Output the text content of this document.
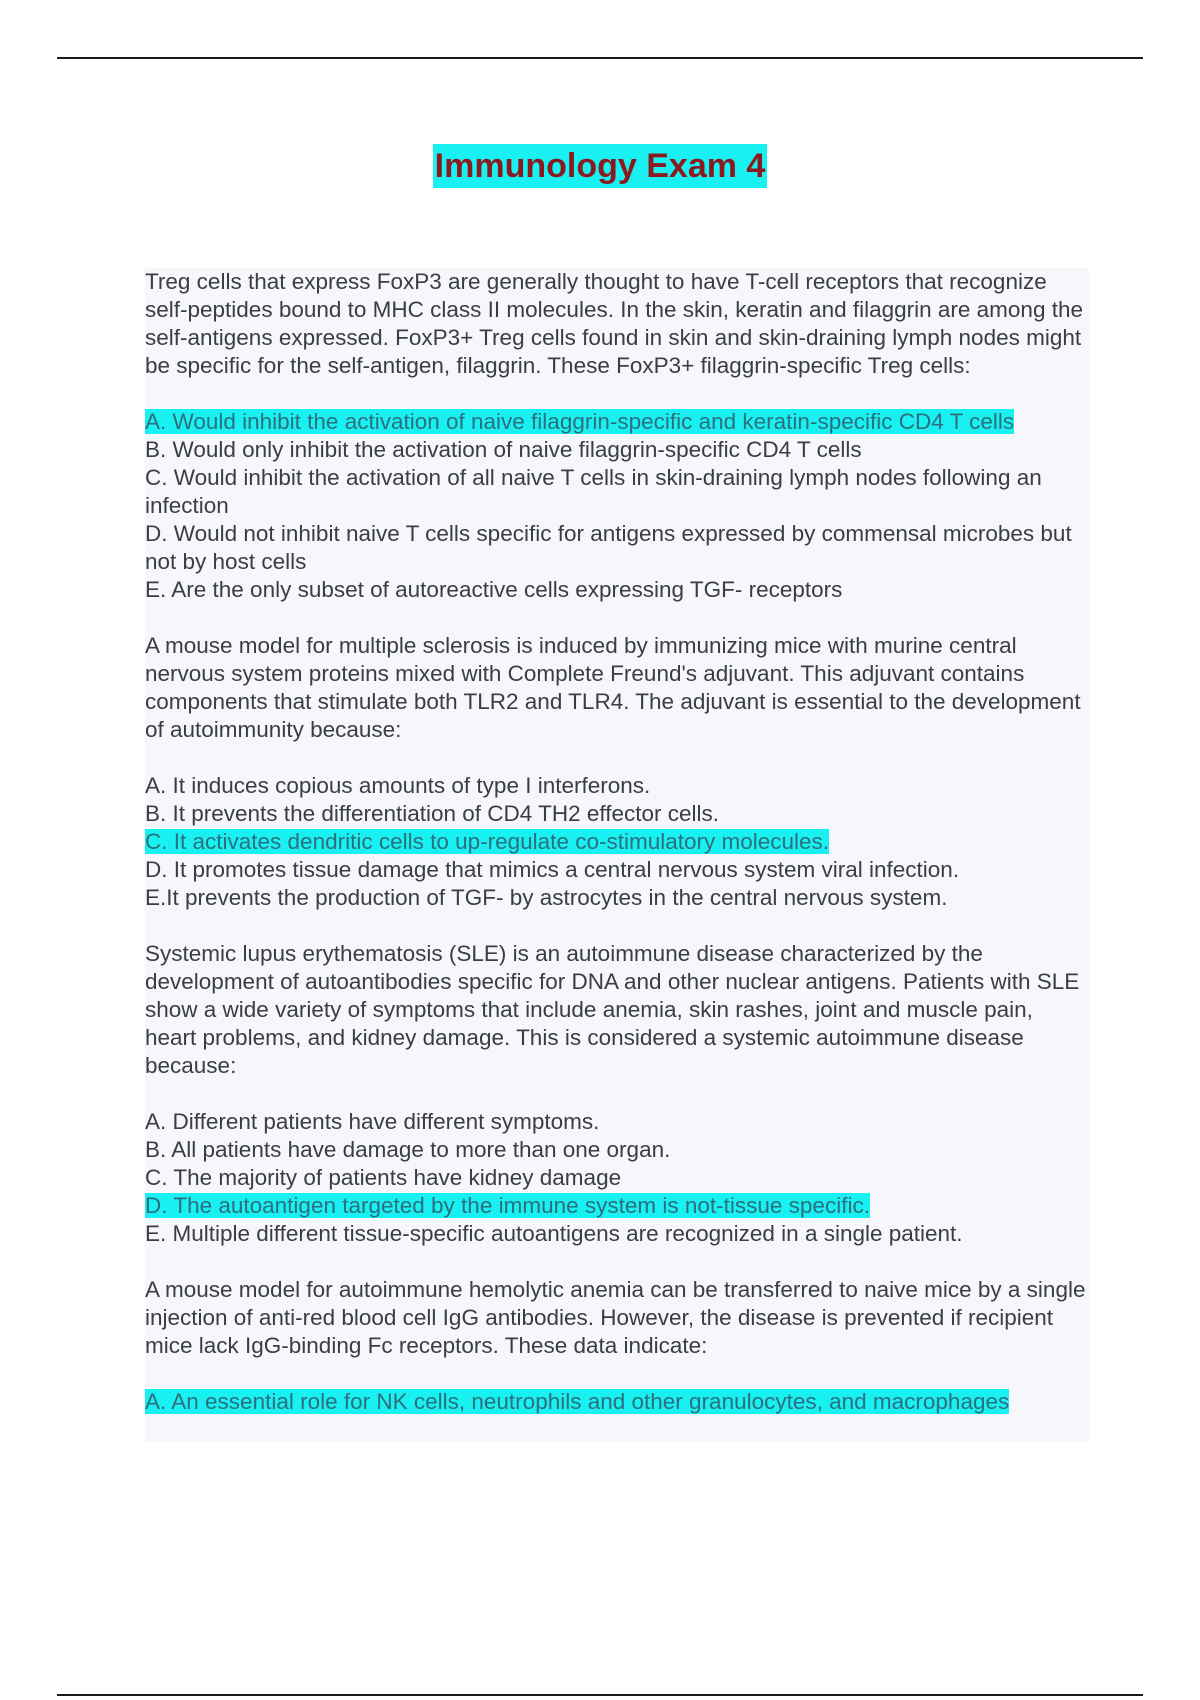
Immunology Exam 4
Treg cells that express FoxP3 are generally thought to have T-cell receptors that recognize self-peptides bound to MHC class II molecules. In the skin, keratin and filaggrin are among the self-antigens expressed. FoxP3+ Treg cells found in skin and skin-draining lymph nodes might be specific for the self-antigen, filaggrin. These FoxP3+ filaggrin-specific Treg cells:
A. Would inhibit the activation of naive filaggrin-specific and keratin-specific CD4 T cells
B. Would only inhibit the activation of naive filaggrin-specific CD4 T cells
C. Would inhibit the activation of all naive T cells in skin-draining lymph nodes following an infection
D. Would not inhibit naive T cells specific for antigens expressed by commensal microbes but not by host cells
E. Are the only subset of autoreactive cells expressing TGF- receptors
A mouse model for multiple sclerosis is induced by immunizing mice with murine central nervous system proteins mixed with Complete Freund's adjuvant. This adjuvant contains components that stimulate both TLR2 and TLR4. The adjuvant is essential to the development of autoimmunity because:
A. It induces copious amounts of type I interferons.
B. It prevents the differentiation of CD4 TH2 effector cells.
C. It activates dendritic cells to up-regulate co-stimulatory molecules.
D. It promotes tissue damage that mimics a central nervous system viral infection.
E.It prevents the production of TGF- by astrocytes in the central nervous system.
Systemic lupus erythematosis (SLE) is an autoimmune disease characterized by the development of autoantibodies specific for DNA and other nuclear antigens. Patients with SLE show a wide variety of symptoms that include anemia, skin rashes, joint and muscle pain, heart problems, and kidney damage. This is considered a systemic autoimmune disease because:
A. Different patients have different symptoms.
B. All patients have damage to more than one organ.
C. The majority of patients have kidney damage
D. The autoantigen targeted by the immune system is not-tissue specific.
E. Multiple different tissue-specific autoantigens are recognized in a single patient.
A mouse model for autoimmune hemolytic anemia can be transferred to naive mice by a single injection of anti-red blood cell IgG antibodies. However, the disease is prevented if recipient mice lack IgG-binding Fc receptors. These data indicate:
A. An essential role for NK cells, neutrophils and other granulocytes, and macrophages
